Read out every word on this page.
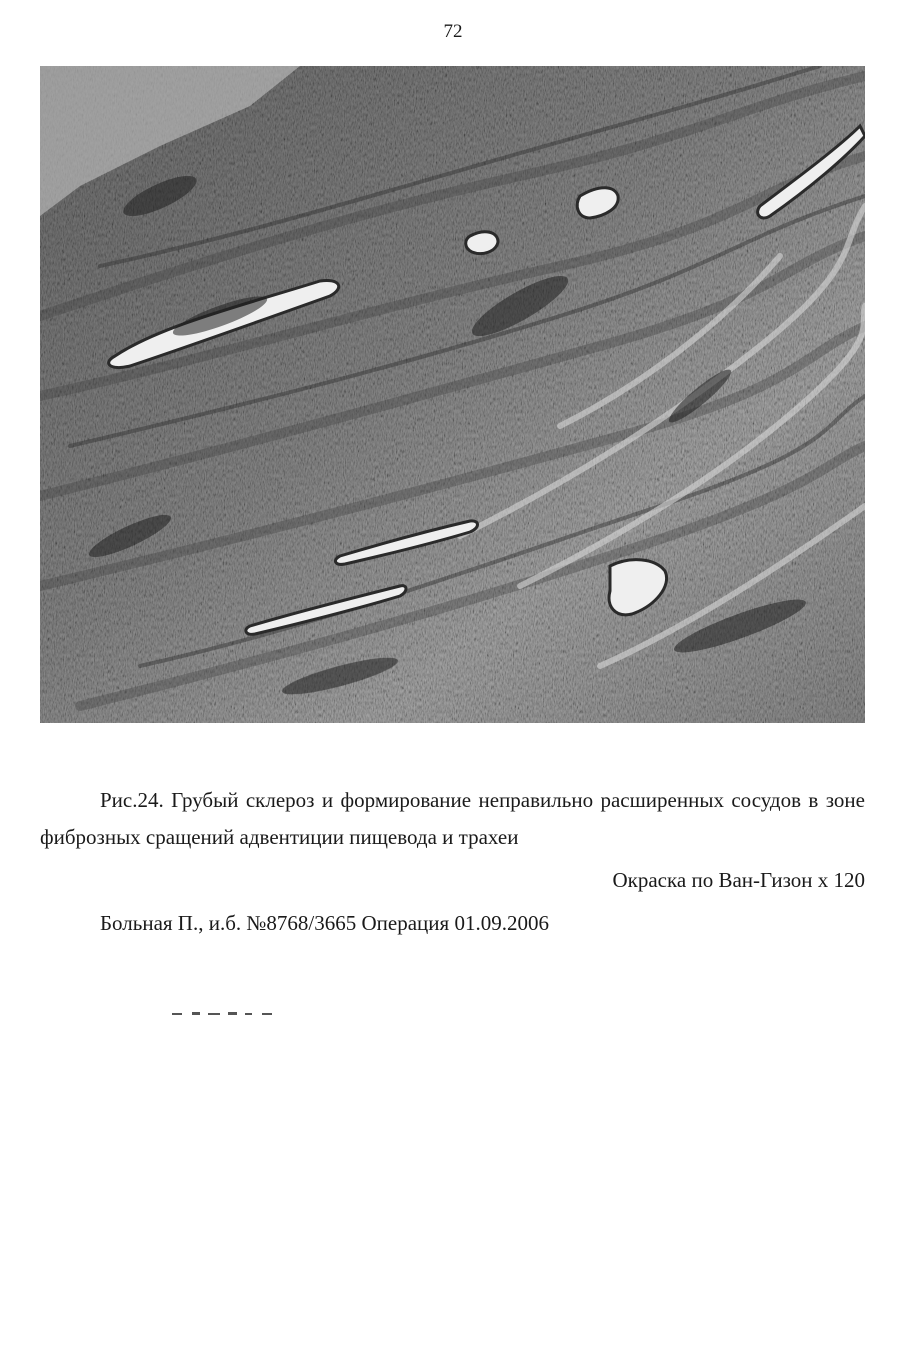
72

Рис.24. Грубый склероз и формирование неправильно расширенных сосудов в зоне фиброзных сращений адвентиции пищевода и трахеи

Окраска по Ван-Гизон х 120
Больная П., и.б. №8768/3665 Операция 01.09.2006
